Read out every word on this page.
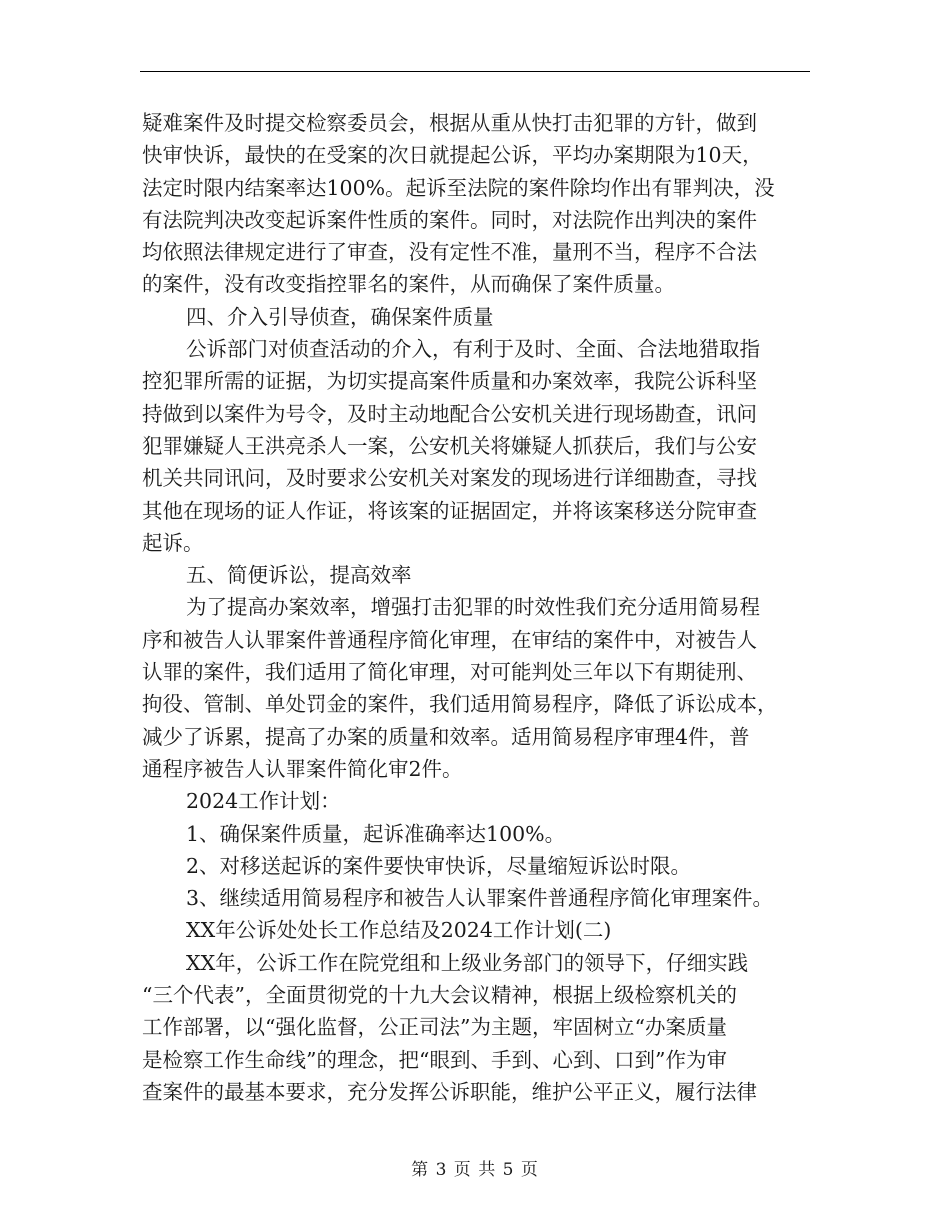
疑难案件及时提交检察委员会，根据从重从快打击犯罪的方针，做到
快审快诉，最快的在受案的次日就提起公诉，平均办案期限为10天，
法定时限内结案率达100%。起诉至法院的案件除均作出有罪判决，没
有法院判决改变起诉案件性质的案件。同时，对法院作出判决的案件
均依照法律规定进行了审查，没有定性不准，量刑不当，程序不合法
的案件，没有改变指控罪名的案件，从而确保了案件质量。
四、介入引导侦查，确保案件质量
公诉部门对侦查活动的介入，有利于及时、全面、合法地猎取指
控犯罪所需的证据，为切实提高案件质量和办案效率，我院公诉科坚
持做到以案件为号令，及时主动地配合公安机关进行现场勘查，讯问
犯罪嫌疑人王洪亮杀人一案，公安机关将嫌疑人抓获后，我们与公安
机关共同讯问，及时要求公安机关对案发的现场进行详细勘查，寻找
其他在现场的证人作证，将该案的证据固定，并将该案移送分院审查
起诉。
五、简便诉讼，提高效率
为了提高办案效率，增强打击犯罪的时效性我们充分适用简易程
序和被告人认罪案件普通程序简化审理，在审结的案件中，对被告人
认罪的案件，我们适用了简化审理，对可能判处三年以下有期徒刑、
拘役、管制、单处罚金的案件，我们适用简易程序，降低了诉讼成本，
减少了诉累，提高了办案的质量和效率。适用简易程序审理4件，普
通程序被告人认罪案件简化审2件。
2024工作计划：
1、确保案件质量，起诉准确率达100%。
2、对移送起诉的案件要快审快诉，尽量缩短诉讼时限。
3、继续适用简易程序和被告人认罪案件普通程序简化审理案件。
XX年公诉处处长工作总结及2024工作计划(二)
XX年，公诉工作在院党组和上级业务部门的领导下，仔细实践
“三个代表”，全面贯彻党的十九大会议精神，根据上级检察机关的
工作部署，以“强化监督，公正司法”为主题，牢固树立“办案质量
是检察工作生命线”的理念，把“眼到、手到、心到、口到”作为审
查案件的最基本要求，充分发挥公诉职能，维护公平正义，履行法律
第 3 页 共 5 页
